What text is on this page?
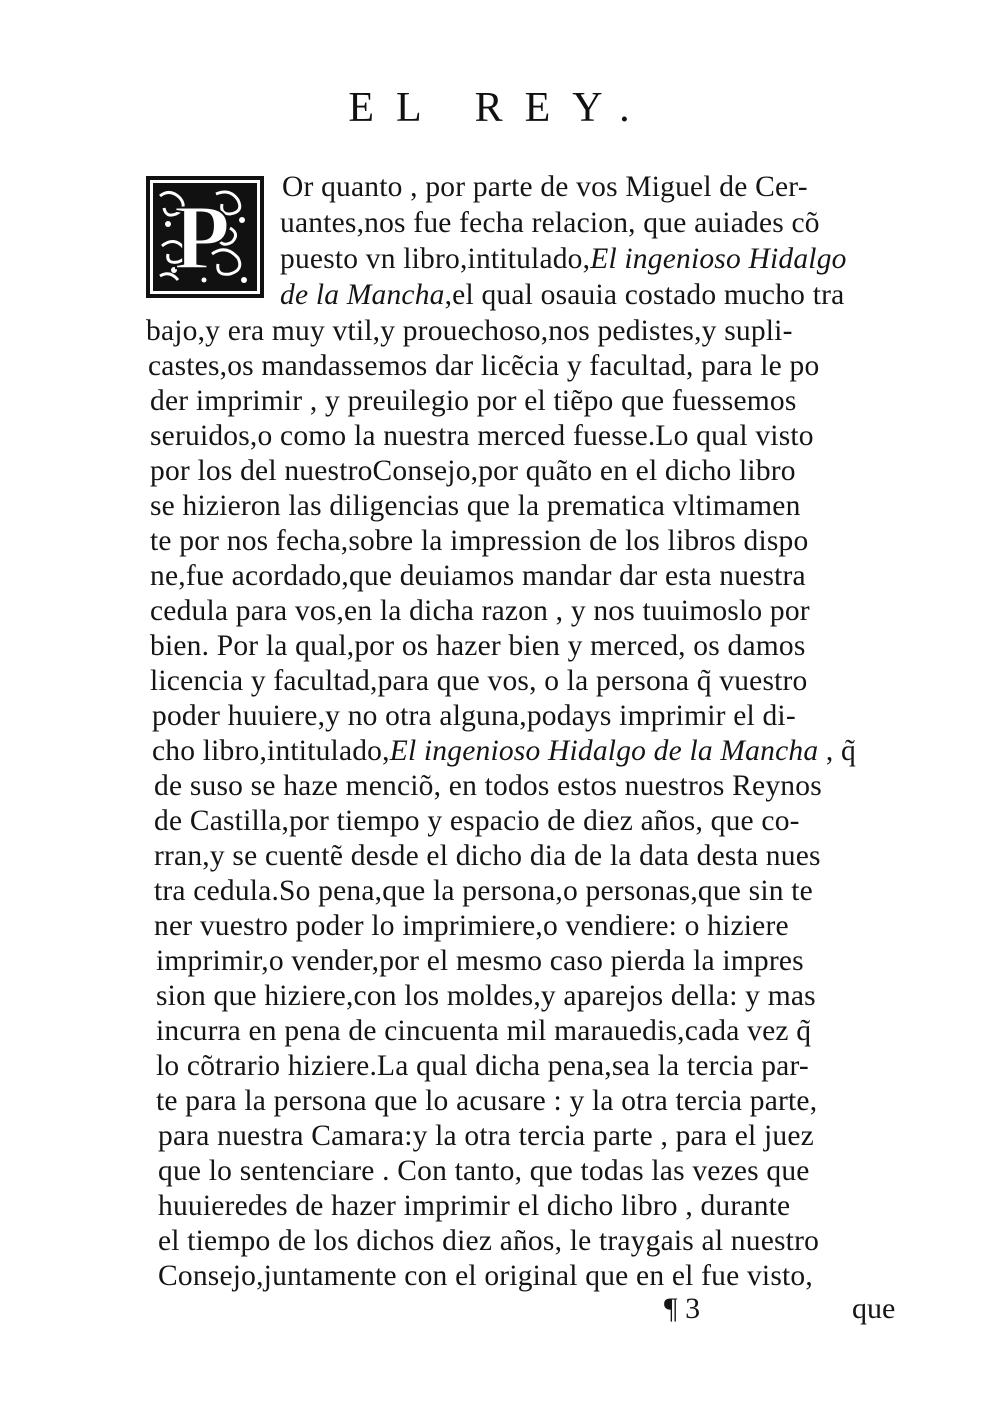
EL REY.
P Or quanto , por parte de vos Miguel de Cer-
uantes,nos fue fecha relacion, que auiades cõ
puesto vn libro,intitulado,El ingenioso Hidalgo
de la Mancha,el qual osauia costado mucho tra
bajo,y era muy vtil,y prouechoso,nos pedistes,y supli-
castes,os mandassemos dar licẽcia y facultad, para le po
der imprimir , y preuilegio por el tiẽpo que fuessemos
seruidos,o como la nuestra merced fuesse.Lo qual visto
por los del nuestroConsejo,por quãto en el dicho libro
se hizieron las diligencias que la prematica vltimamen
te por nos fecha,sobre la impression de los libros dispo
ne,fue acordado,que deuiamos mandar dar esta nuestra
cedula para vos,en la dicha razon , y nos tuuimoslo por
bien. Por la qual,por os hazer bien y merced, os damos
licencia y facultad,para que vos, o la persona q̃ vuestro
poder huuiere,y no otra alguna,podays imprimir el di-
cho libro,intitulado,El ingenioso Hidalgo de la Mancha , q̃
de suso se haze menciõ, en todos estos nuestros Reynos
de Castilla,por tiempo y espacio de diez años, que co-
rran,y se cuentẽ desde el dicho dia de la data desta nues
tra cedula.So pena,que la persona,o personas,que sin te
ner vuestro poder lo imprimiere,o vendiere: o hiziere
imprimir,o vender,por el mesmo caso pierda la impres
sion que hiziere,con los moldes,y aparejos della: y mas
incurra en pena de cincuenta mil marauedis,cada vez q̃
lo cõtrario hiziere.La qual dicha pena,sea la tercia par-
te para la persona que lo acusare : y la otra tercia parte,
para nuestra Camara:y la otra tercia parte , para el juez
que lo sentenciare . Con tanto, que todas las vezes que
huuieredes de hazer imprimir el dicho libro , durante
el tiempo de los dichos diez años, le traygais al nuestro
Consejo,juntamente con el original que en el fue visto,
¶ 3	que
